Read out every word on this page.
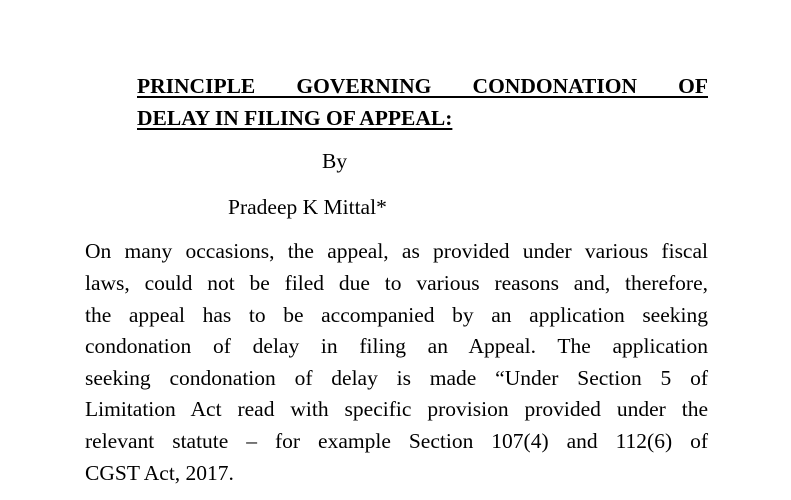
PRINCIPLE GOVERNING CONDONATION OF
DELAY IN FILING OF APPEAL:

By

Pradeep K Mittal*

On many occasions, the appeal, as provided under various fiscal

laws, could not be filed due to various reasons and, therefore,

the appeal has to be accompanied by an application seeking

condonation of delay in filing an Appeal. The application

seeking condonation of delay is made “Under Section 5 of

Limitation Act read with specific provision provided under the

relevant statute – for example Section 107(4) and 112(6) of

CGST Act, 2017.
